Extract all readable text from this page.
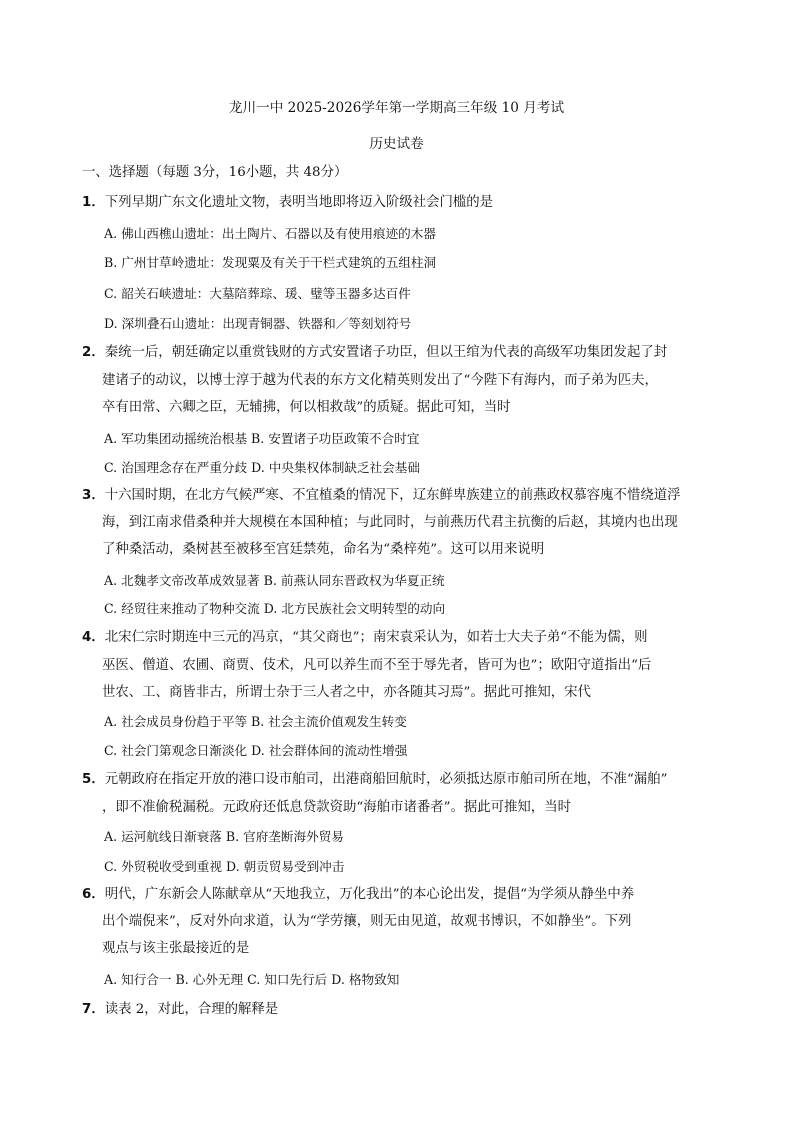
龙川一中 2025-2026学年第一学期高三年级 10 月考试
历史试卷
一、选择题（每题 3分，16小题，共 48分）
1．下列早期广东文化遗址文物，表明当地即将迈入阶级社会门槛的是
A. 佛山西樵山遗址：出土陶片、石器以及有使用痕迹的木器
B. 广州甘草岭遗址：发现粟及有关于干栏式建筑的五组柱洞
C. 韶关石峡遗址：大墓陪葬琮、瑗、璧等玉器多达百件
D. 深圳叠石山遗址：出现青铜器、铁器和／等刻划符号
2．秦统一后，朝廷确定以重赏钱财的方式安置诸子功臣，但以王绾为代表的高级军功集团发起了封
建诸子的动议，以博士淳于越为代表的东方文化精英则发出了“今陛下有海内，而子弟为匹夫，
卒有田常、六卿之臣，无辅拂，何以相救哉”的质疑。据此可知，当时
A. 军功集团动摇统治根基 B. 安置诸子功臣政策不合时宜
C. 治国理念存在严重分歧 D. 中央集权体制缺乏社会基础
3．十六国时期，在北方气候严寒、不宜植桑的情况下，辽东鲜卑族建立的前燕政权慕容廆不惜绕道浮
海，到江南求借桑种并大规模在本国种植；与此同时，与前燕历代君主抗衡的后赵，其境内也出现
了种桑活动，桑树甚至被移至宫廷禁苑，命名为“桑梓苑”。这可以用来说明
A. 北魏孝文帝改革成效显著 B. 前燕认同东晋政权为华夏正统
C. 经贸往来推动了物种交流 D. 北方民族社会文明转型的动向
4．北宋仁宗时期连中三元的冯京，“其父商也”；南宋袁采认为，如若士大夫子弟“不能为儒，则
巫医、僧道、农圃、商贾、伎术，凡可以养生而不至于辱先者，皆可为也”；欧阳守道指出“后
世农、工、商皆非古，所谓士杂于三人者之中，亦各随其习焉”。据此可推知，宋代
A. 社会成员身份趋于平等 B. 社会主流价值观发生转变
C. 社会门第观念日渐淡化 D. 社会群体间的流动性增强
5．元朝政府在指定开放的港口设市舶司，出港商船回航时，必须抵达原市舶司所在地，不准“漏舶”
，即不准偷税漏税。元政府还低息贷款资助“海舶市诸番者”。据此可推知，当时
A. 运河航线日渐衰落 B. 官府垄断海外贸易
C. 外贸税收受到重视 D. 朝贡贸易受到冲击
6．明代，广东新会人陈献章从“天地我立，万化我出”的本心论出发，提倡“为学须从静坐中养
出个端倪来”，反对外向求道，认为“学劳攘，则无由见道，故观书博识，不如静坐”。下列
观点与该主张最接近的是
A. 知行合一 B. 心外无理 C. 知口先行后 D. 格物致知
7．读表 2，对此，合理的解释是
